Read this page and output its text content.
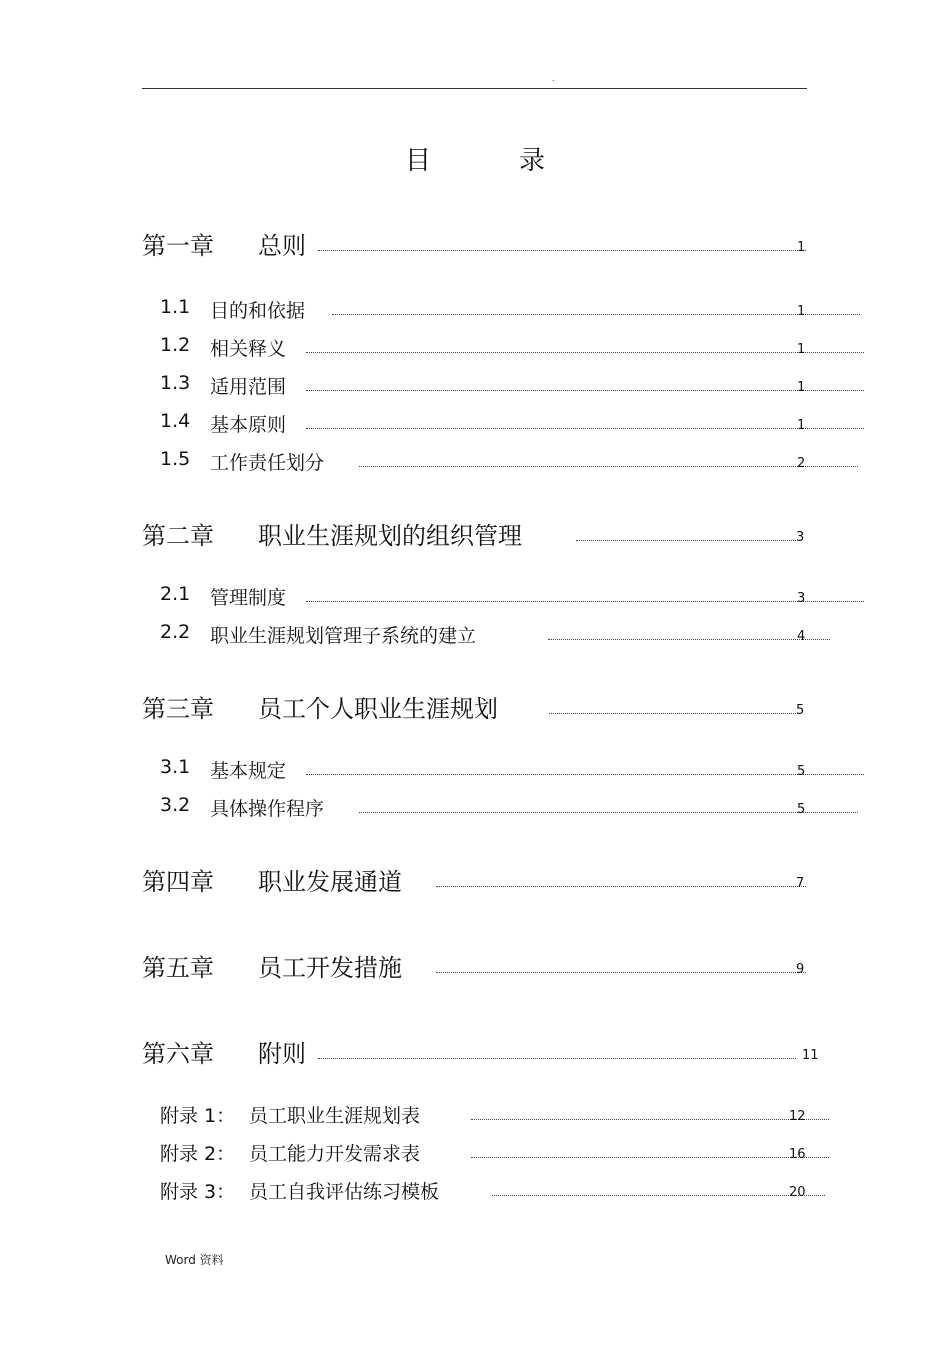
.
目	录
第一章 总则	1
1.1 目的和依据	1
1.2 相关释义	1
1.3 适用范围	1
1.4 基本原则	1
1.5 工作责任划分	2
第二章 职业生涯规划的组织管理	3
2.1 管理制度	3
2.2 职业生涯规划管理子系统的建立	4
第三章 员工个人职业生涯规划	5
3.1 基本规定	5
3.2 具体操作程序	5
第四章 职业发展通道	7
第五章 员工开发措施	9
第六章 附则	11
附录 1： 员工职业生涯规划表	12
附录 2： 员工能力开发需求表	16
附录 3： 员工自我评估练习模板	20
Word 资料
